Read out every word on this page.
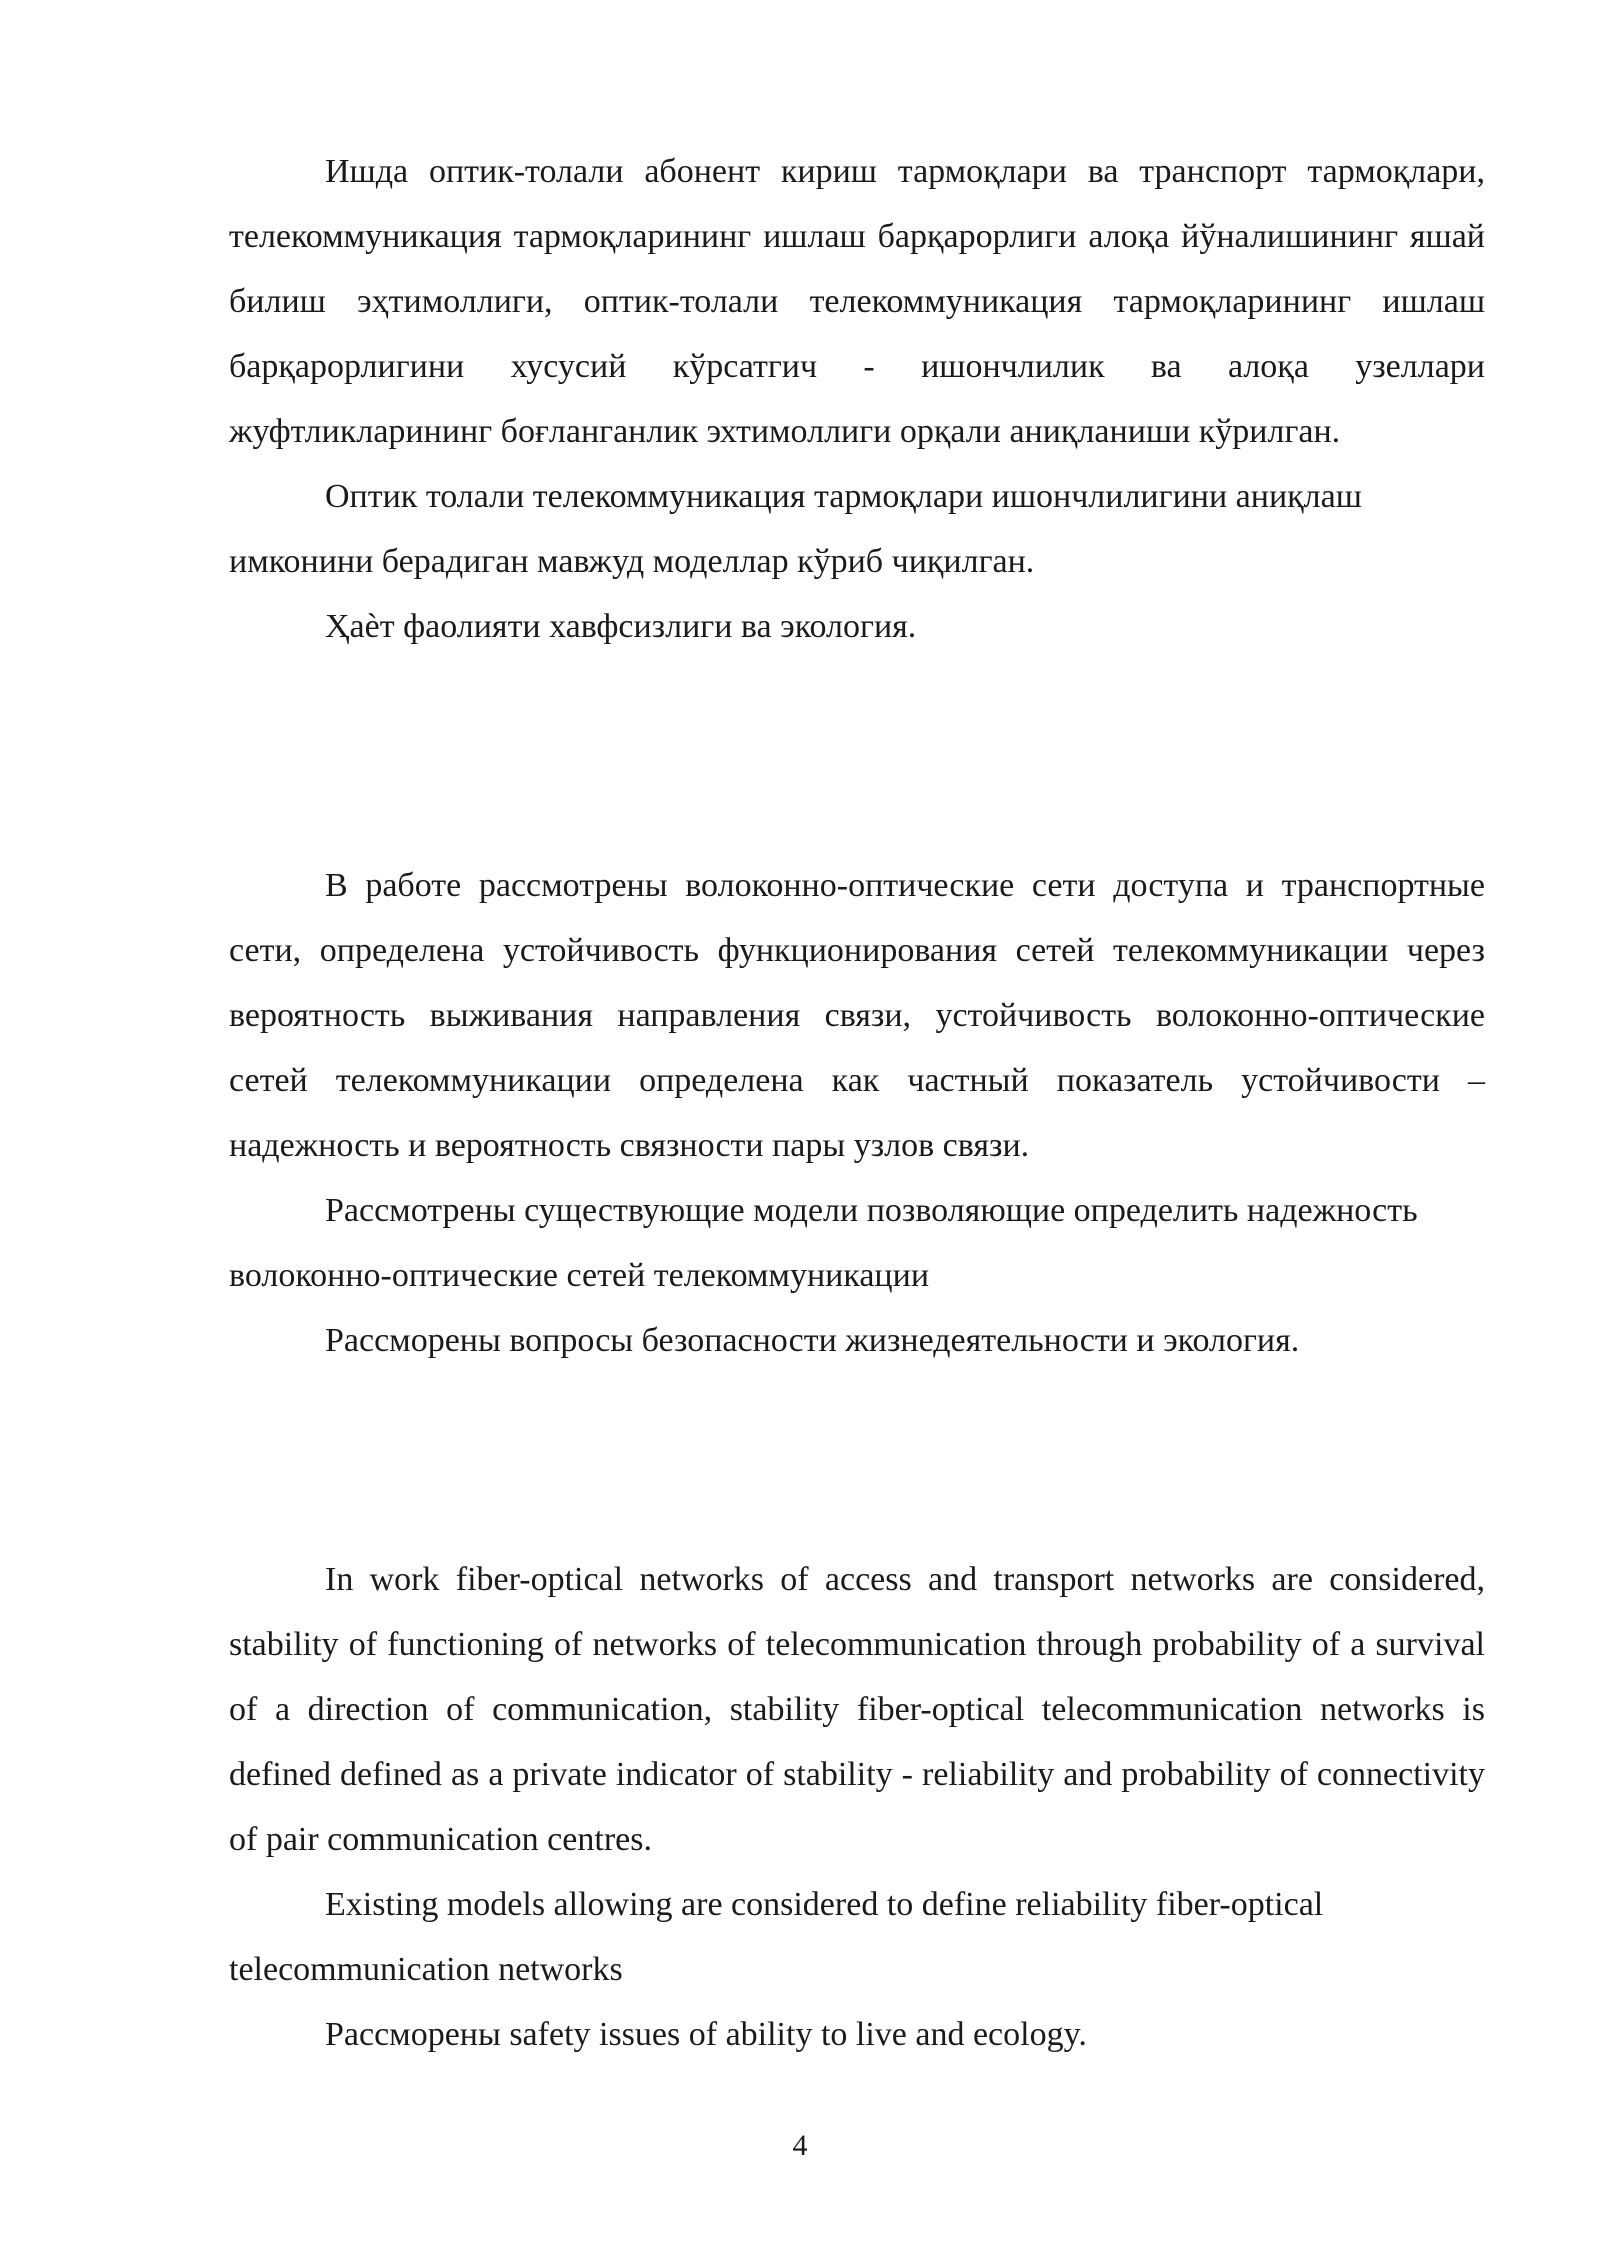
Ишда оптик-толали абонент кириш тармоқлари ва транспорт тармоқлари, телекоммуникация тармоқларининг ишлаш барқарорлиги алоқа йўналишининг яшай билиш эҳтимоллиги, оптик-толали телекоммуникация тармоқларининг ишлаш барқарорлигини хусусий кўрсатгич - ишончлилик ва алоқа узеллари жуфтликларининг боғланганлик эхтимоллиги орқали аниқланиши кўрилган.

Оптик толали телекоммуникация тармоқлари ишончлилигини аниқлаш имконини берадиган мавжуд моделлар кўриб чиқилган.

Ҳаѐт фаолияти хавфсизлиги ва экология.

В работе рассмотрены волоконно-оптические сети доступа и транспортные сети, определена устойчивость функционирования сетей телекоммуникации через вероятность выживания направления связи, устойчивость волоконно-оптические сетей телекоммуникации определена как частный показатель устойчивости – надежность и вероятность связности пары узлов связи.

Рассмотрены существующие модели позволяющие определить надежность волоконно-оптические сетей телекоммуникации

Рассморены вопросы безопасности жизнедеятельности и экология.

In work fiber-optical networks of access and transport networks are considered, stability of functioning of networks of telecommunication through probability of a survival of a direction of communication, stability fiber-optical telecommunication networks is defined defined as a private indicator of stability - reliability and probability of connectivity of pair communication centres.

Existing models allowing are considered to define reliability fiber-optical telecommunication networks

Рассморены safety issues of ability to live and ecology.

4
